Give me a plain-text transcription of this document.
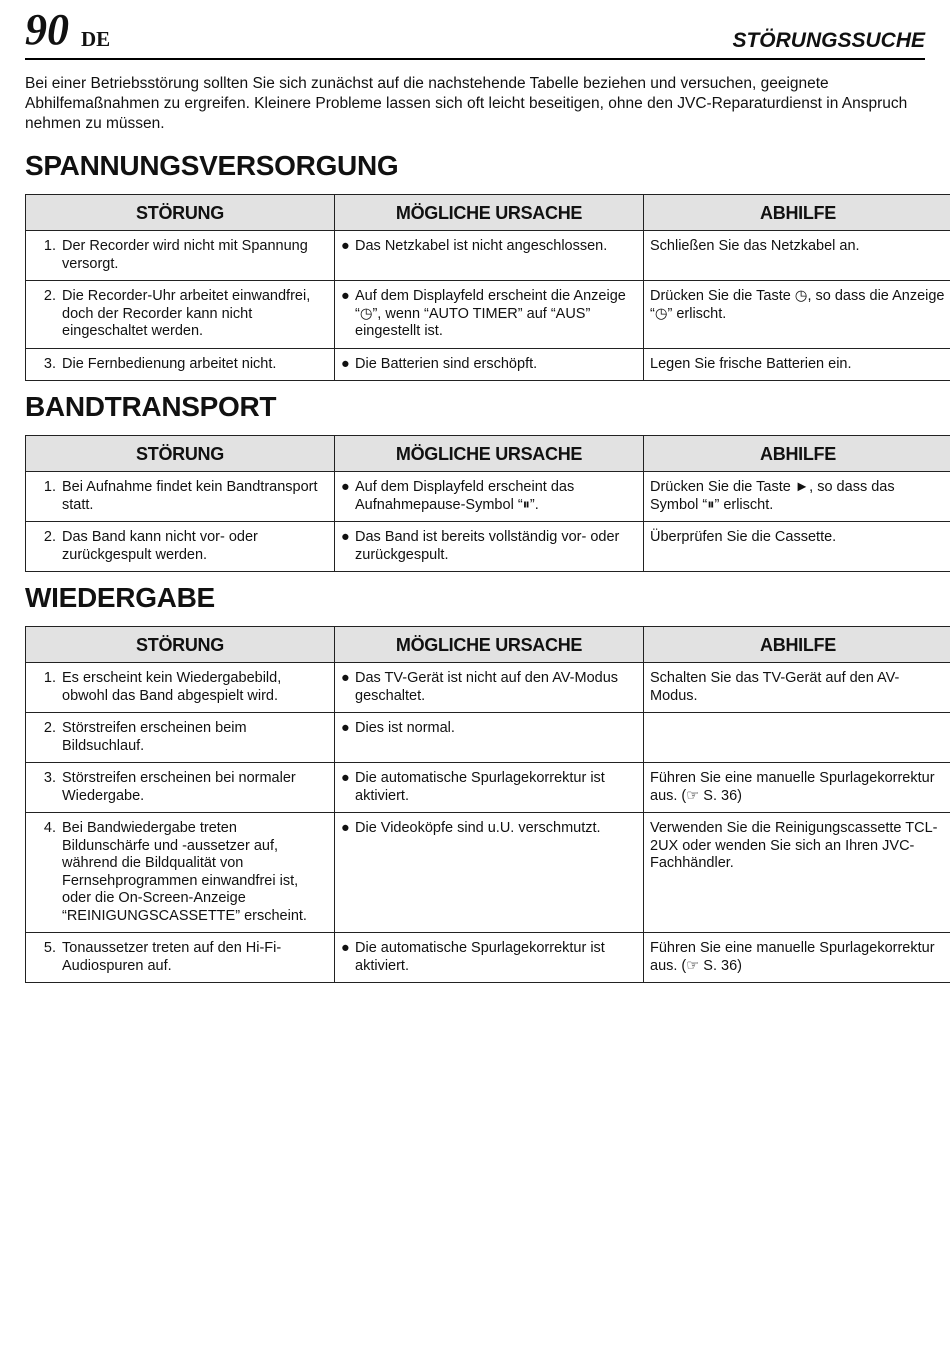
90 DE	STÖRUNGSSUCHE

Bei einer Betriebsstörung sollten Sie sich zunächst auf die nachstehende Tabelle beziehen und versuchen, geeignete Abhilfemaßnahmen zu ergreifen. Kleinere Probleme lassen sich oft leicht beseitigen, ohne den JVC-Reparaturdienst in Anspruch nehmen zu müssen.

SPANNUNGSVERSORGUNG
STÖRUNG	MÖGLICHE URSACHE	ABHILFE

1. Der Recorder wird nicht mit Spannung versorgt.	● Das Netzkabel ist nicht angeschlossen.	Schließen Sie das Netzkabel an.

2. Die Recorder-Uhr arbeitet einwandfrei, doch der Recorder kann nicht eingeschaltet werden.	● Auf dem Displayfeld erscheint die Anzeige “◷”, wenn “AUTO TIMER” auf “AUS” eingestellt ist.	Drücken Sie die Taste ◷, so dass die Anzeige “◷” erlischt.

3. Die Fernbedienung arbeitet nicht.	● Die Batterien sind erschöpft.	Legen Sie frische Batterien ein.
BANDTRANSPORT
STÖRUNG	MÖGLICHE URSACHE	ABHILFE

1. Bei Aufnahme findet kein Bandtransport statt.	● Auf dem Displayfeld erscheint das Aufnahmepause-Symbol “⏸”.	Drücken Sie die Taste ►, so dass das Symbol “⏸” erlischt.

2. Das Band kann nicht vor- oder zurückgespult werden.	● Das Band ist bereits vollständig vor- oder zurückgespult.	Überprüfen Sie die Cassette.
WIEDERGABE
STÖRUNG	MÖGLICHE URSACHE	ABHILFE

1. Es erscheint kein Wiedergabebild, obwohl das Band abgespielt wird.	● Das TV-Gerät ist nicht auf den AV-Modus geschaltet.	Schalten Sie das TV-Gerät auf den AV-Modus.

2. Störstreifen erscheinen beim Bildsuchlauf.	● Dies ist normal.	

3. Störstreifen erscheinen bei normaler Wiedergabe.	● Die automatische Spurlagekorrektur ist aktiviert.	Führen Sie eine manuelle Spurlagekorrektur aus. (☞ S. 36)

4. Bei Bandwiedergabe treten Bildunschärfe und -aussetzer auf, während die Bildqualität von Fernsehprogrammen einwandfrei ist, oder die On-Screen-Anzeige “REINIGUNGSCASSETTE” erscheint.	● Die Videoköpfe sind u.U. verschmutzt.	Verwenden Sie die Reinigungscassette TCL-2UX oder wenden Sie sich an Ihren JVC-Fachhändler.

5. Tonaussetzer treten auf den Hi-Fi-Audiospuren auf.	● Die automatische Spurlagekorrektur ist aktiviert.	Führen Sie eine manuelle Spurlagekorrektur aus. (☞ S. 36)
